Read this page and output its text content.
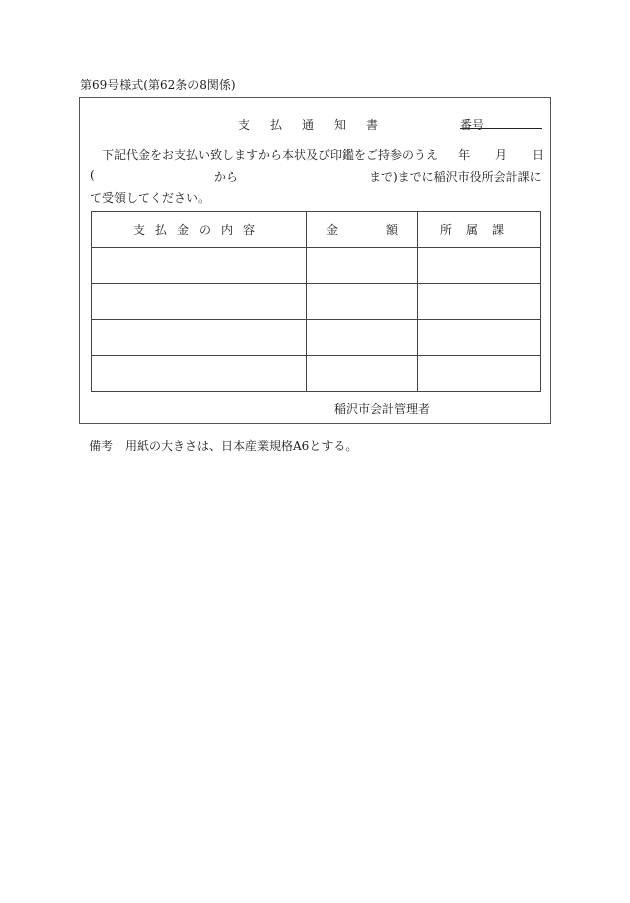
第69号様式(第62条の8関係)
支払通知書	番号
下記代金をお支払い致しますから本状及び印鑑をご持参のうえ 年 月 日
(	から	まで)までに稲沢市役所会計課に
て受領してください。
支払金の内容	金 額	所属課

稲沢市会計管理者
備考 用紙の大きさは、日本産業規格A6とする。
